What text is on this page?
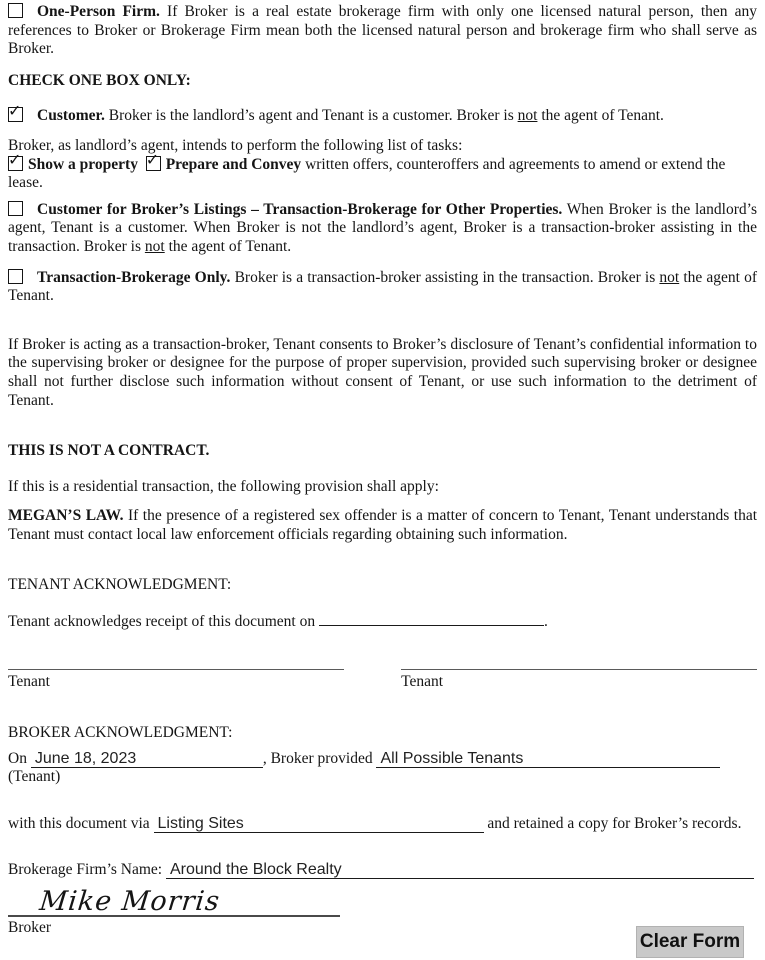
One-Person Firm. If Broker is a real estate brokerage firm with only one licensed natural person, then any references to Broker or Brokerage Firm mean both the licensed natural person and brokerage firm who shall serve as Broker.
CHECK ONE BOX ONLY:
✓ Customer. Broker is the landlord’s agent and Tenant is a customer. Broker is not the agent of Tenant.
Broker, as landlord’s agent, intends to perform the following list of tasks:
✓ Show a property ✓ Prepare and Convey written offers, counteroffers and agreements to amend or extend the lease.
Customer for Broker’s Listings – Transaction-Brokerage for Other Properties. When Broker is the landlord’s agent, Tenant is a customer. When Broker is not the landlord’s agent, Broker is a transaction-broker assisting in the transaction. Broker is not the agent of Tenant.
Transaction-Brokerage Only. Broker is a transaction-broker assisting in the transaction. Broker is not the agent of Tenant.
If Broker is acting as a transaction-broker, Tenant consents to Broker’s disclosure of Tenant’s confidential information to the supervising broker or designee for the purpose of proper supervision, provided such supervising broker or designee shall not further disclose such information without consent of Tenant, or use such information to the detriment of Tenant.
THIS IS NOT A CONTRACT.
If this is a residential transaction, the following provision shall apply:
MEGAN’S LAW. If the presence of a registered sex offender is a matter of concern to Tenant, Tenant understands that Tenant must contact local law enforcement officials regarding obtaining such information.
TENANT ACKNOWLEDGMENT:
Tenant acknowledges receipt of this document on	.
Tenant	Tenant
BROKER ACKNOWLEDGMENT:
On June 18, 2023	, Broker provided All Possible Tenants (Tenant)
with this document via Listing Sites	and retained a copy for Broker’s records.
Brokerage Firm’s Name: Around the Block Realty
Mike Morris
Broker
Clear Form
